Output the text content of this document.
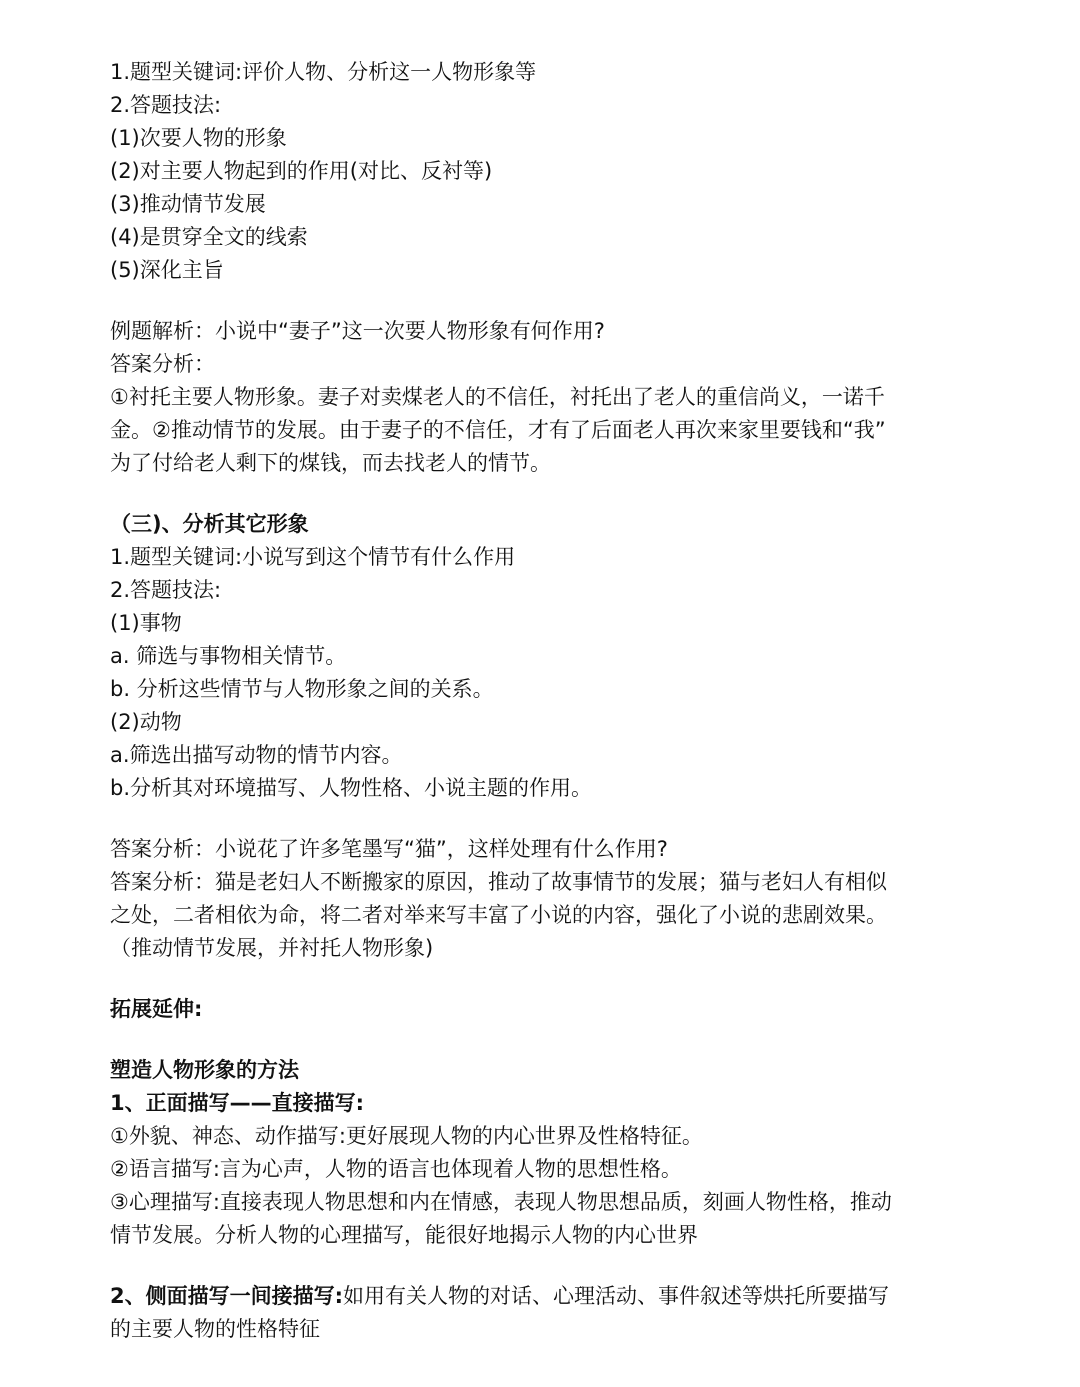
1.题型关键词:评价人物、分析这一人物形象等

2.答题技法:

(1)次要人物的形象

(2)对主要人物起到的作用(对比、反衬等)

(3)推动情节发展

(4)是贯穿全文的线索

(5)深化主旨

例题解析：小说中“妻子”这一次要人物形象有何作用?

答案分析：

①衬托主要人物形象。妻子对卖煤老人的不信任，衬托出了老人的重信尚义，一诺千

金。②推动情节的发展。由于妻子的不信任，才有了后面老人再次来家里要钱和“我”

为了付给老人剩下的煤钱，而去找老人的情节。

（三)、分析其它形象

1.题型关键词:小说写到这个情节有什么作用

2.答题技法:

(1)事物

a. 筛选与事物相关情节。

b. 分析这些情节与人物形象之间的关系。

(2)动物

a.筛选出描写动物的情节内容。

b.分析其对环境描写、人物性格、小说主题的作用。

答案分析：小说花了许多笔墨写“猫”，这样处理有什么作用?

答案分析：猫是老妇人不断搬家的原因，推动了故事情节的发展；猫与老妇人有相似

之处，二者相依为命，将二者对举来写丰富了小说的内容，强化了小说的悲剧效果。

（推动情节发展，并衬托人物形象)

拓展延伸:

塑造人物形象的方法

1、正面描写——直接描写:

①外貌、神态、动作描写:更好展现人物的内心世界及性格特征。

②语言描写:言为心声，人物的语言也体现着人物的思想性格。

③心理描写:直接表现人物思想和内在情感，表现人物思想品质，刻画人物性格，推动

情节发展。分析人物的心理描写，能很好地揭示人物的内心世界

2、侧面描写一间接描写:如用有关人物的对话、心理活动、事件叙述等烘托所要描写

的主要人物的性格特征
